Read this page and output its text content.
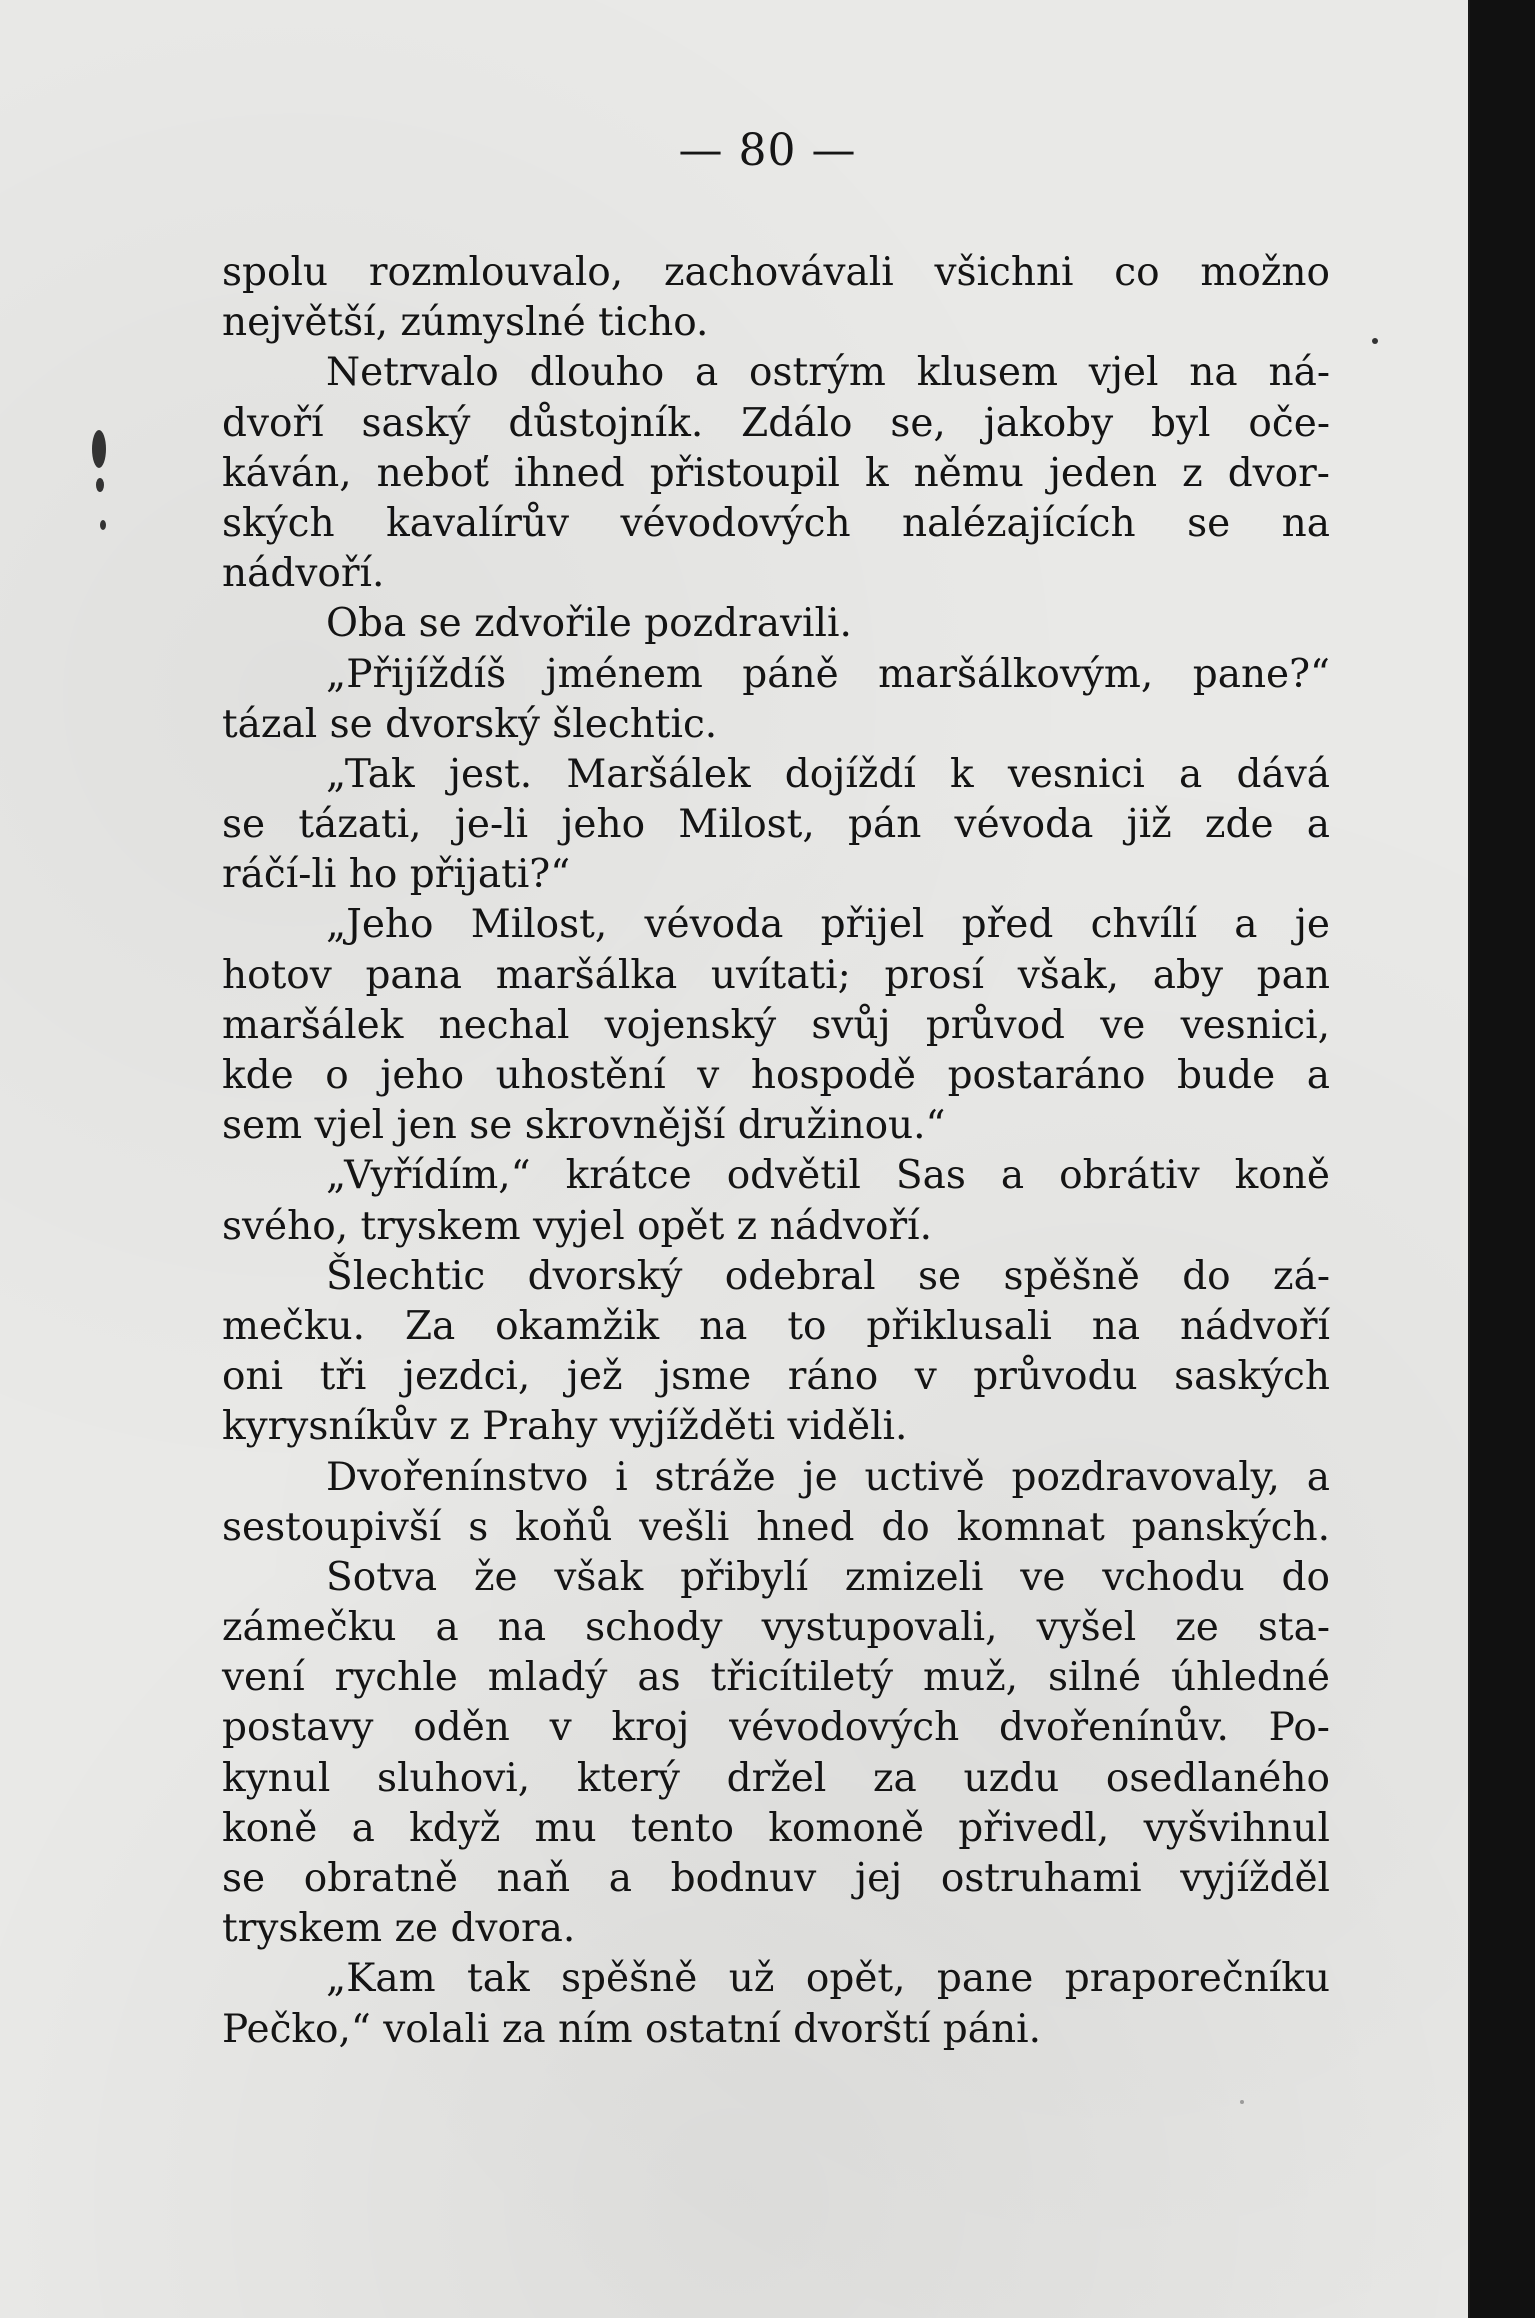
— 80 —
spolu rozmlouvalo, zachovávali všichni co možno
největší, zúmyslné ticho.
Netrvalo dlouho a ostrým klusem vjel na ná-
dvoří saský důstojník. Zdálo se, jakoby byl oče-
káván, neboť ihned přistoupil k němu jeden z dvor-
ských kavalírův vévodových nalézajících se na
nádvoří.
Oba se zdvořile pozdravili.
„Přijíždíš jménem páně maršálkovým, pane?“
tázal se dvorský šlechtic.
„Tak jest. Maršálek dojíždí k vesnici a dává
se tázati, je-li jeho Milost, pán vévoda již zde a
ráčí-li ho přijati?“
„Jeho Milost, vévoda přijel před chvílí a je
hotov pana maršálka uvítati; prosí však, aby pan
maršálek nechal vojenský svůj průvod ve vesnici,
kde o jeho uhostění v hospodě postaráno bude a
sem vjel jen se skrovnější družinou.“
„Vyřídím,“ krátce odvětil Sas a obrátiv koně
svého, tryskem vyjel opět z nádvoří.
Šlechtic dvorský odebral se spěšně do zá-
mečku. Za okamžik na to přiklusali na nádvoří
oni tři jezdci, jež jsme ráno v průvodu saských
kyrysníkův z Prahy vyjížděti viděli.
Dvořenínstvo i stráže je uctivě pozdravovaly, a
sestoupivší s koňů vešli hned do komnat panských.
Sotva že však přibylí zmizeli ve vchodu do
zámečku a na schody vystupovali, vyšel ze sta-
vení rychle mladý as třicítiletý muž, silné úhledné
postavy oděn v kroj vévodových dvořenínův. Po-
kynul sluhovi, který držel za uzdu osedlaného
koně a když mu tento komoně přivedl, vyšvihnul
se obratně naň a bodnuv jej ostruhami vyjížděl
tryskem ze dvora.
„Kam tak spěšně už opět, pane praporečníku
Pečko,“ volali za ním ostatní dvorští páni.
